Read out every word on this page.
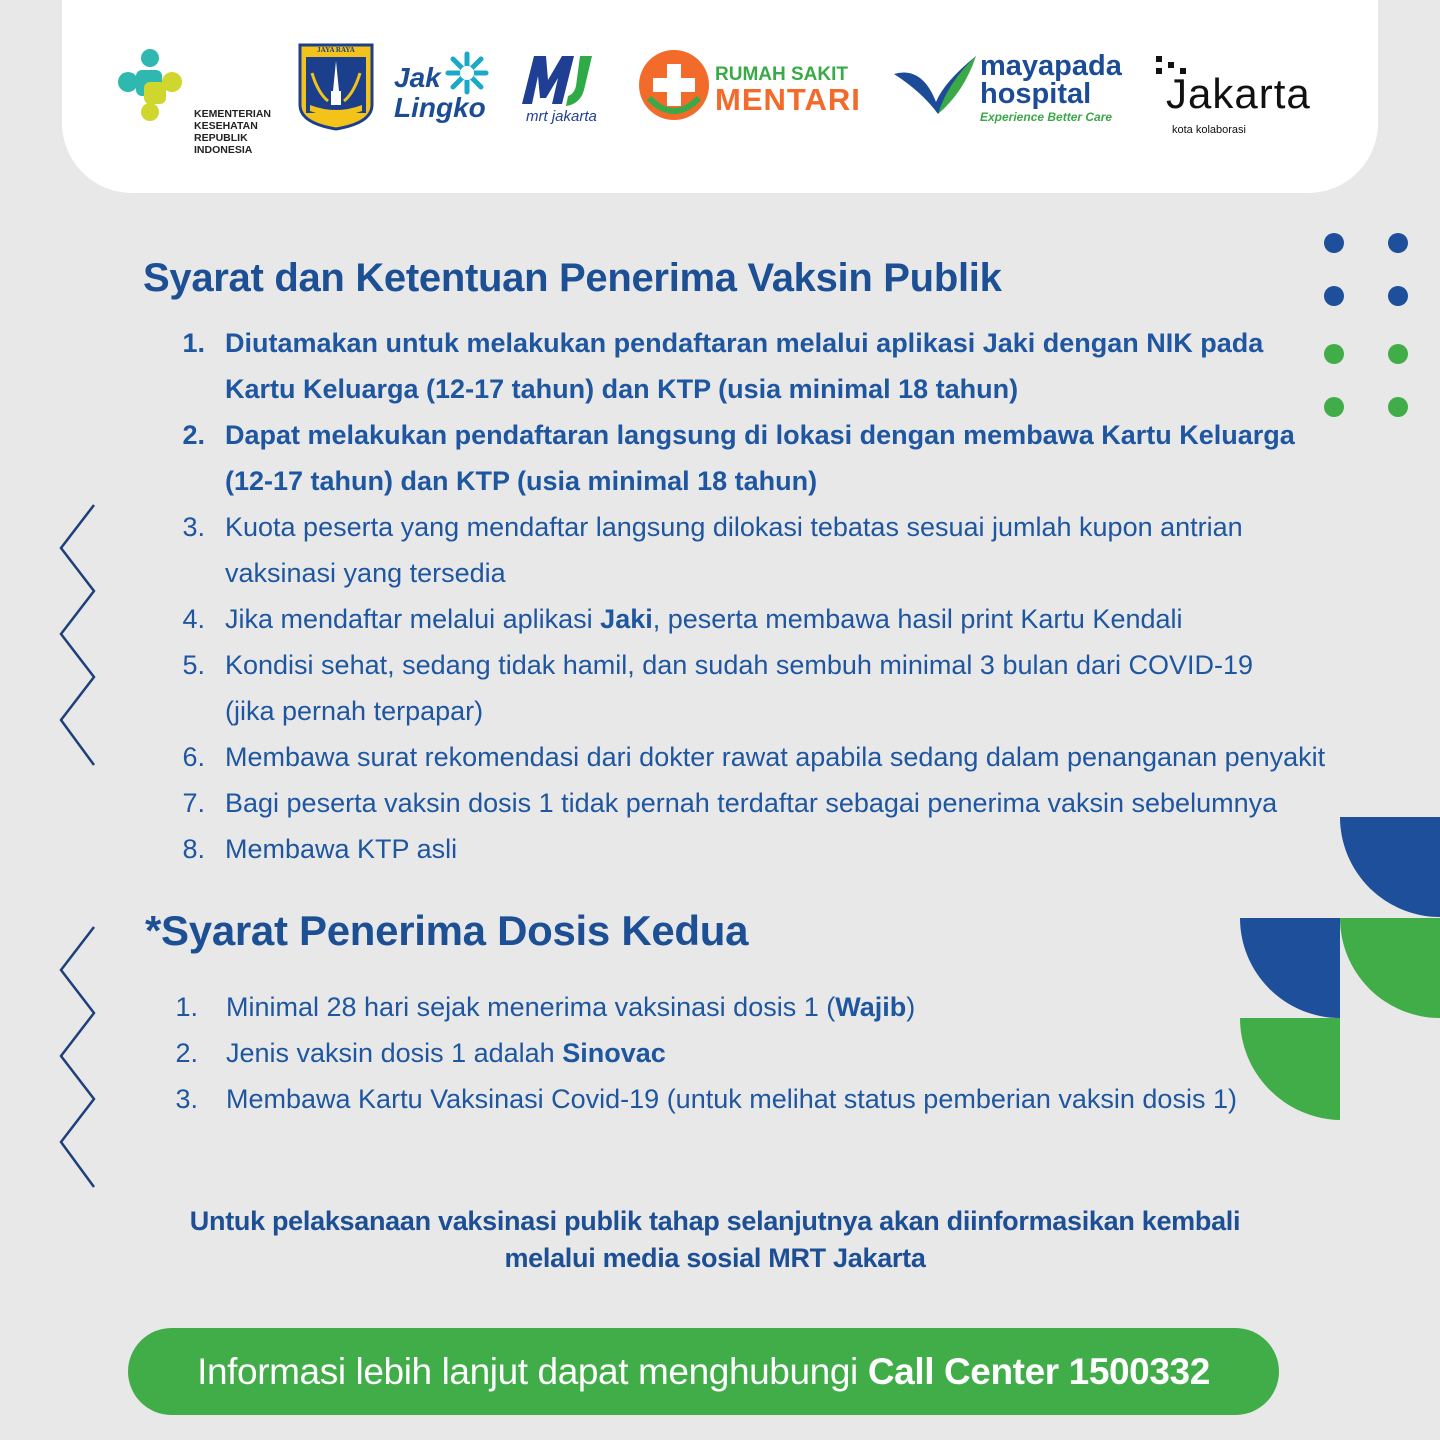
KEMENTERIAN
KESEHATAN
REPUBLIK
INDONESIA
JAYA RAYA
Jak
Lingko	mrt jakarta
RUMAH SAKIT
MENTARI
mayapada
hospital
Experience Better Care Jakarta
kota kolaborasi
Syarat dan Ketentuan Penerima Vaksin Publik
1. Diutamakan untuk melakukan pendaftaran melalui aplikasi Jaki dengan NIK pada
Kartu Keluarga (12-17 tahun) dan KTP (usia minimal 18 tahun)
2. Dapat melakukan pendaftaran langsung di lokasi dengan membawa Kartu Keluarga
(12-17 tahun) dan KTP (usia minimal 18 tahun)
3. Kuota peserta yang mendaftar langsung dilokasi tebatas sesuai jumlah kupon antrian
vaksinasi yang tersedia
4. Jika mendaftar melalui aplikasi Jaki, peserta membawa hasil print Kartu Kendali
5. Kondisi sehat, sedang tidak hamil, dan sudah sembuh minimal 3 bulan dari COVID-19
(jika pernah terpapar)
6. Membawa surat rekomendasi dari dokter rawat apabila sedang dalam penanganan penyakit
7. Bagi peserta vaksin dosis 1 tidak pernah terdaftar sebagai penerima vaksin sebelumnya
8. Membawa KTP asli
*Syarat Penerima Dosis Kedua
1. Minimal 28 hari sejak menerima vaksinasi dosis 1 (Wajib)
2. Jenis vaksin dosis 1 adalah Sinovac
3. Membawa Kartu Vaksinasi Covid-19 (untuk melihat status pemberian vaksin dosis 1)
Untuk pelaksanaan vaksinasi publik tahap selanjutnya akan diinformasikan kembali
melalui media sosial MRT Jakarta
Informasi lebih lanjut dapat menghubungi Call Center 1500332
